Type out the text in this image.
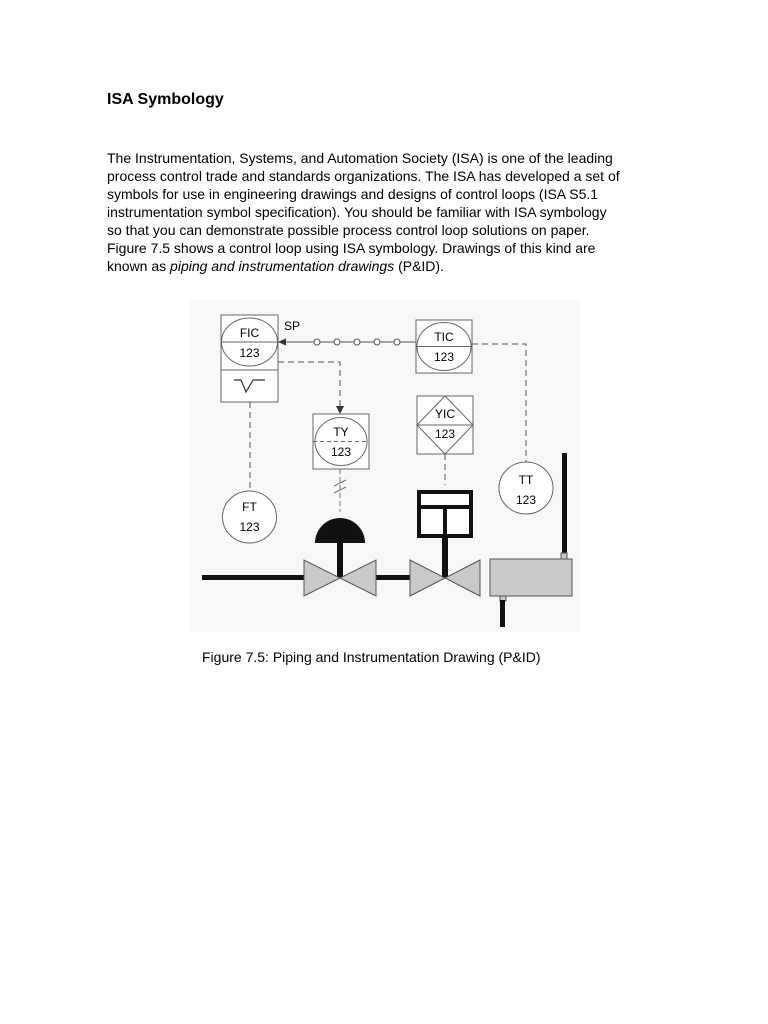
ISA Symbology
The Instrumentation, Systems, and Automation Society (ISA) is one of the leading
process control trade and standards organizations. The ISA has developed a set of
symbols for use in engineering drawings and designs of control loops (ISA S5.1
instrumentation symbol specification). You should be familiar with ISA symbology
so that you can demonstrate possible process control loop solutions on paper.
Figure 7.5 shows a control loop using ISA symbology. Drawings of this kind are
known as piping and instrumentation drawings (P&ID).
SP
FIC
123
TIC
123
TY
123
YIC
123
TT
123
FT
123
Figure 7.5: Piping and Instrumentation Drawing (P&ID)
